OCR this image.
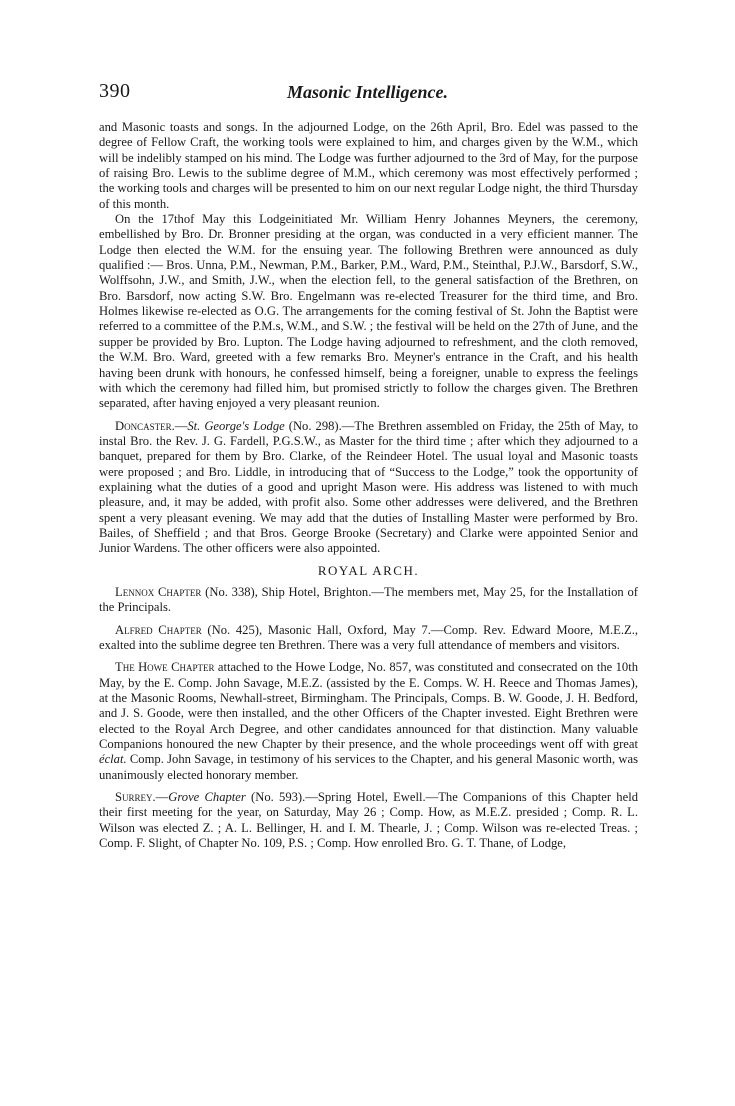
390	Masonic Intelligence.

and Masonic toasts and songs. In the adjourned Lodge, on the 26th April, Bro. Edel was passed to the degree of Fellow Craft, the working tools were explained to him, and charges given by the W.M., which will be indelibly stamped on his mind. The Lodge was further adjourned to the 3rd of May, for the purpose of raising Bro. Lewis to the sublime degree of M.M., which ceremony was most effectively performed ; the working tools and charges will be presented to him on our next regular Lodge night, the third Thursday of this month.

On the 17thof May this Lodgeinitiated Mr. William Henry Johannes Meyners, the ceremony, embellished by Bro. Dr. Bronner presiding at the organ, was conducted in a very efficient manner. The Lodge then elected the W.M. for the ensuing year. The following Brethren were announced as duly qualified :— Bros. Unna, P.M., Newman, P.M., Barker, P.M., Ward, P.M., Steinthal, P.J.W., Barsdorf, S.W., Wolffsohn, J.W., and Smith, J.W., when the election fell, to the general satisfaction of the Brethren, on Bro. Barsdorf, now acting S.W. Bro. Engelmann was re-elected Treasurer for the third time, and Bro. Holmes likewise re-elected as O.G. The arrangements for the coming festival of St. John the Baptist were referred to a committee of the P.M.s, W.M., and S.W. ; the festival will be held on the 27th of June, and the supper be provided by Bro. Lupton. The Lodge having adjourned to refreshment, and the cloth removed, the W.M. Bro. Ward, greeted with a few remarks Bro. Meyner's entrance in the Craft, and his health having been drunk with honours, he confessed himself, being a foreigner, unable to express the feelings with which the ceremony had filled him, but promised strictly to follow the charges given. The Brethren separated, after having enjoyed a very pleasant reunion.

Doncaster.—St. George's Lodge (No. 298).—The Brethren assembled on Friday, the 25th of May, to instal Bro. the Rev. J. G. Fardell, P.G.S.W., as Master for the third time ; after which they adjourned to a banquet, prepared for them by Bro. Clarke, of the Reindeer Hotel. The usual loyal and Masonic toasts were proposed ; and Bro. Liddle, in introducing that of “Success to the Lodge,” took the opportunity of explaining what the duties of a good and upright Mason were. His address was listened to with much pleasure, and, it may be added, with profit also. Some other addresses were delivered, and the Brethren spent a very pleasant evening. We may add that the duties of Installing Master were performed by Bro. Bailes, of Sheffield ; and that Bros. George Brooke (Secretary) and Clarke were appointed Senior and Junior Wardens. The other officers were also appointed.

ROYAL ARCH.

Lennox Chapter (No. 338), Ship Hotel, Brighton.—The members met, May 25, for the Installation of the Principals.

Alfred Chapter (No. 425), Masonic Hall, Oxford, May 7.—Comp. Rev. Edward Moore, M.E.Z., exalted into the sublime degree ten Brethren. There was a very full attendance of members and visitors.

The Howe Chapter attached to the Howe Lodge, No. 857, was constituted and consecrated on the 10th May, by the E. Comp. John Savage, M.E.Z. (assisted by the E. Comps. W. H. Reece and Thomas James), at the Masonic Rooms, Newhall-street, Birmingham. The Principals, Comps. B. W. Goode, J. H. Bedford, and J. S. Goode, were then installed, and the other Officers of the Chapter invested. Eight Brethren were elected to the Royal Arch Degree, and other candidates announced for that distinction. Many valuable Companions honoured the new Chapter by their presence, and the whole proceedings went off with great éclat. Comp. John Savage, in testimony of his services to the Chapter, and his general Masonic worth, was unanimously elected honorary member.

Surrey.—Grove Chapter (No. 593).—Spring Hotel, Ewell.—The Companions of this Chapter held their first meeting for the year, on Saturday, May 26 ; Comp. How, as M.E.Z. presided ; Comp. R. L. Wilson was elected Z. ; A. L. Bellinger, H. and I. M. Thearle, J. ; Comp. Wilson was re-elected Treas. ; Comp. F. Slight, of Chapter No. 109, P.S. ; Comp. How enrolled Bro. G. T. Thane, of Lodge,
